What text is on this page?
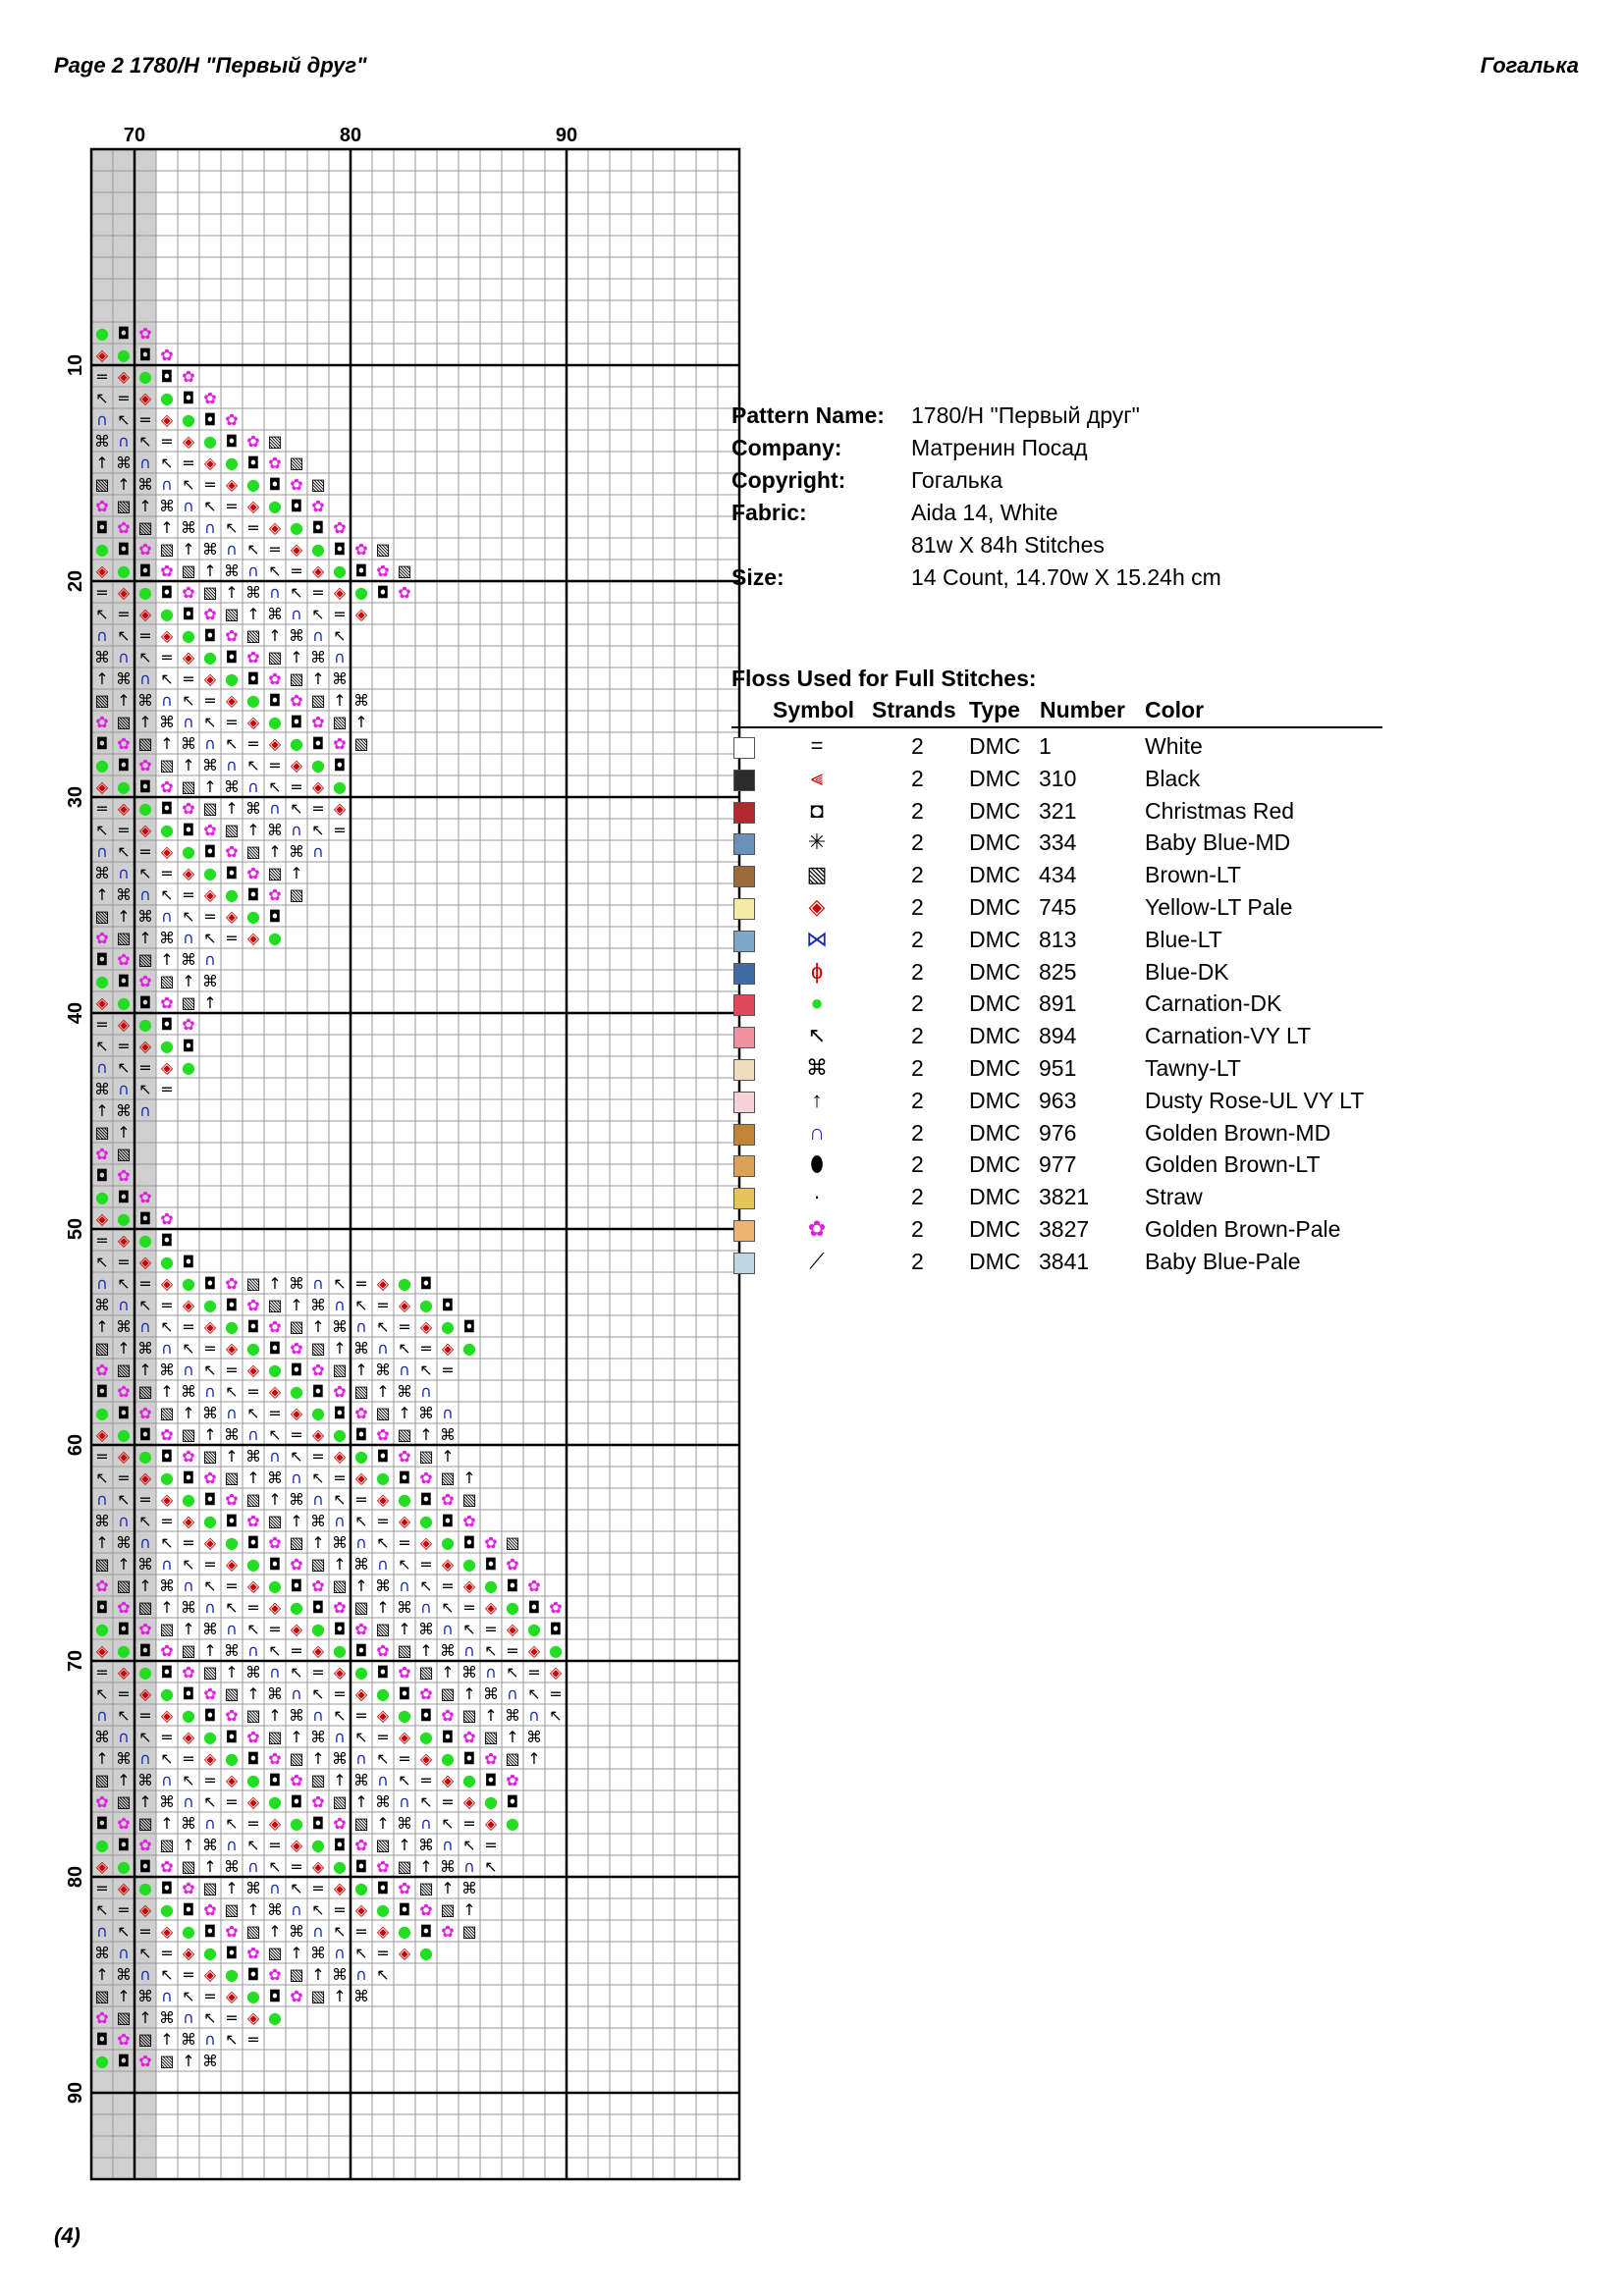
Page 2 1780/H "Первый друг"	Гогалька
70	80	90
10
20
30
40
50
60
70
80
90
● ◘ ✿
◈ ● ◘ ✿
= ◈ ● ◘ ✿
↖ = ◈ ● ◘ ✿
∩ ↖ = ◈ ● ◘ ✿
⌘ ∩ ↖ = ◈ ● ◘ ✿ ▧
↑ ⌘ ∩ ↖ = ◈ ● ◘ ✿ ▧
▧ ↑ ⌘ ∩ ↖ = ◈ ● ◘ ✿ ▧
✿ ▧ ↑ ⌘ ∩ ↖ = ◈ ● ◘ ✿
◘ ✿ ▧ ↑ ⌘ ∩ ↖ = ◈ ● ◘ ✿
● ◘ ✿ ▧ ↑ ⌘ ∩ ↖ = ◈ ● ◘ ✿ ▧
◈ ● ◘ ✿ ▧ ↑ ⌘ ∩ ↖ = ◈ ● ◘ ✿ ▧
= ◈ ● ◘ ✿ ▧ ↑ ⌘ ∩ ↖ = ◈ ● ◘ ✿
↖ = ◈ ● ◘ ✿ ▧ ↑ ⌘ ∩ ↖ = ◈
∩ ↖ = ◈ ● ◘ ✿ ▧ ↑ ⌘ ∩ ↖
⌘ ∩ ↖ = ◈ ● ◘ ✿ ▧ ↑ ⌘ ∩
↑ ⌘ ∩ ↖ = ◈ ● ◘ ✿ ▧ ↑ ⌘
▧ ↑ ⌘ ∩ ↖ = ◈ ● ◘ ✿ ▧ ↑ ⌘
✿ ▧ ↑ ⌘ ∩ ↖ = ◈ ● ◘ ✿ ▧ ↑
◘ ✿ ▧ ↑ ⌘ ∩ ↖ = ◈ ● ◘ ✿ ▧
● ◘ ✿ ▧ ↑ ⌘ ∩ ↖ = ◈ ● ◘
◈ ● ◘ ✿ ▧ ↑ ⌘ ∩ ↖ = ◈ ●
= ◈ ● ◘ ✿ ▧ ↑ ⌘ ∩ ↖ = ◈
↖ = ◈ ● ◘ ✿ ▧ ↑ ⌘ ∩ ↖ =
∩ ↖ = ◈ ● ◘ ✿ ▧ ↑ ⌘ ∩
⌘ ∩ ↖ = ◈ ● ◘ ✿ ▧ ↑
↑ ⌘ ∩ ↖ = ◈ ● ◘ ✿ ▧
▧ ↑ ⌘ ∩ ↖ = ◈ ● ◘
✿ ▧ ↑ ⌘ ∩ ↖ = ◈ ●
◘ ✿ ▧ ↑ ⌘ ∩
● ◘ ✿ ▧ ↑ ⌘
◈ ● ◘ ✿ ▧ ↑
= ◈ ● ◘ ✿
↖ = ◈ ● ◘
∩ ↖ = ◈ ●
⌘ ∩ ↖ =
↑ ⌘ ∩
▧ ↑
✿ ▧
◘ ✿
● ◘ ✿
◈ ● ◘ ✿
= ◈ ● ◘
↖ = ◈ ● ◘
∩ ↖ = ◈ ● ◘ ✿ ▧ ↑ ⌘ ∩ ↖ = ◈ ● ◘
⌘ ∩ ↖ = ◈ ● ◘ ✿ ▧ ↑ ⌘ ∩ ↖ = ◈ ● ◘
↑ ⌘ ∩ ↖ = ◈ ● ◘ ✿ ▧ ↑ ⌘ ∩ ↖ = ◈ ● ◘
▧ ↑ ⌘ ∩ ↖ = ◈ ● ◘ ✿ ▧ ↑ ⌘ ∩ ↖ = ◈ ●
✿ ▧ ↑ ⌘ ∩ ↖ = ◈ ● ◘ ✿ ▧ ↑ ⌘ ∩ ↖ =
◘ ✿ ▧ ↑ ⌘ ∩ ↖ = ◈ ● ◘ ✿ ▧ ↑ ⌘ ∩
● ◘ ✿ ▧ ↑ ⌘ ∩ ↖ = ◈ ● ◘ ✿ ▧ ↑ ⌘ ∩
◈ ● ◘ ✿ ▧ ↑ ⌘ ∩ ↖ = ◈ ● ◘ ✿ ▧ ↑ ⌘
= ◈ ● ◘ ✿ ▧ ↑ ⌘ ∩ ↖ = ◈ ● ◘ ✿ ▧ ↑
↖ = ◈ ● ◘ ✿ ▧ ↑ ⌘ ∩ ↖ = ◈ ● ◘ ✿ ▧ ↑
∩ ↖ = ◈ ● ◘ ✿ ▧ ↑ ⌘ ∩ ↖ = ◈ ● ◘ ✿ ▧
⌘ ∩ ↖ = ◈ ● ◘ ✿ ▧ ↑ ⌘ ∩ ↖ = ◈ ● ◘ ✿
↑ ⌘ ∩ ↖ = ◈ ● ◘ ✿ ▧ ↑ ⌘ ∩ ↖ = ◈ ● ◘ ✿ ▧
▧ ↑ ⌘ ∩ ↖ = ◈ ● ◘ ✿ ▧ ↑ ⌘ ∩ ↖ = ◈ ● ◘ ✿
✿ ▧ ↑ ⌘ ∩ ↖ = ◈ ● ◘ ✿ ▧ ↑ ⌘ ∩ ↖ = ◈ ● ◘ ✿
◘ ✿ ▧ ↑ ⌘ ∩ ↖ = ◈ ● ◘ ✿ ▧ ↑ ⌘ ∩ ↖ = ◈ ● ◘ ✿
● ◘ ✿ ▧ ↑ ⌘ ∩ ↖ = ◈ ● ◘ ✿ ▧ ↑ ⌘ ∩ ↖ = ◈ ● ◘
◈ ● ◘ ✿ ▧ ↑ ⌘ ∩ ↖ = ◈ ● ◘ ✿ ▧ ↑ ⌘ ∩ ↖ = ◈ ●
= ◈ ● ◘ ✿ ▧ ↑ ⌘ ∩ ↖ = ◈ ● ◘ ✿ ▧ ↑ ⌘ ∩ ↖ = ◈
↖ = ◈ ● ◘ ✿ ▧ ↑ ⌘ ∩ ↖ = ◈ ● ◘ ✿ ▧ ↑ ⌘ ∩ ↖ =
∩ ↖ = ◈ ● ◘ ✿ ▧ ↑ ⌘ ∩ ↖ = ◈ ● ◘ ✿ ▧ ↑ ⌘ ∩ ↖
⌘ ∩ ↖ = ◈ ● ◘ ✿ ▧ ↑ ⌘ ∩ ↖ = ◈ ● ◘ ✿ ▧ ↑ ⌘
↑ ⌘ ∩ ↖ = ◈ ● ◘ ✿ ▧ ↑ ⌘ ∩ ↖ = ◈ ● ◘ ✿ ▧ ↑
▧ ↑ ⌘ ∩ ↖ = ◈ ● ◘ ✿ ▧ ↑ ⌘ ∩ ↖ = ◈ ● ◘ ✿
✿ ▧ ↑ ⌘ ∩ ↖ = ◈ ● ◘ ✿ ▧ ↑ ⌘ ∩ ↖ = ◈ ● ◘
◘ ✿ ▧ ↑ ⌘ ∩ ↖ = ◈ ● ◘ ✿ ▧ ↑ ⌘ ∩ ↖ = ◈ ●
● ◘ ✿ ▧ ↑ ⌘ ∩ ↖ = ◈ ● ◘ ✿ ▧ ↑ ⌘ ∩ ↖ =
◈ ● ◘ ✿ ▧ ↑ ⌘ ∩ ↖ = ◈ ● ◘ ✿ ▧ ↑ ⌘ ∩ ↖
= ◈ ● ◘ ✿ ▧ ↑ ⌘ ∩ ↖ = ◈ ● ◘ ✿ ▧ ↑ ⌘
↖ = ◈ ● ◘ ✿ ▧ ↑ ⌘ ∩ ↖ = ◈ ● ◘ ✿ ▧ ↑
∩ ↖ = ◈ ● ◘ ✿ ▧ ↑ ⌘ ∩ ↖ = ◈ ● ◘ ✿ ▧
⌘ ∩ ↖ = ◈ ● ◘ ✿ ▧ ↑ ⌘ ∩ ↖ = ◈ ●
↑ ⌘ ∩ ↖ = ◈ ● ◘ ✿ ▧ ↑ ⌘ ∩ ↖
▧ ↑ ⌘ ∩ ↖ = ◈ ● ◘ ✿ ▧ ↑ ⌘
✿ ▧ ↑ ⌘ ∩ ↖ = ◈ ●
◘ ✿ ▧ ↑ ⌘ ∩ ↖ =
● ◘ ✿ ▧ ↑ ⌘
Pattern Name: 1780/H "Первый друг"
Company:	Матренин Посад
Copyright:	Гогалька
Fabric:	Aida 14, White
81w X 84h Stitches
Size:	14 Count, 14.70w X 15.24h cm
Floss Used for Full Stitches:
Symbol Strands Type Number Color
=	2 DMC 1	White
⫷	2 DMC 310	Black
◘	2 DMC 321	Christmas Red
✳	2 DMC 334	Baby Blue-MD
▧	2 DMC 434	Brown-LT
◈	2 DMC 745	Yellow-LT Pale
⋈	2 DMC 813	Blue-LT
ɸ	2 DMC 825	Blue-DK
●	2 DMC 891	Carnation-DK
↖	2 DMC 894	Carnation-VY LT
⌘	2 DMC 951	Tawny-LT
↑	2 DMC 963	Dusty Rose-UL VY LT
∩	2 DMC 976	Golden Brown-MD
⬮	2 DMC 977	Golden Brown-LT
·	2 DMC 3821 Straw
✿	2 DMC 3827 Golden Brown-Pale
⟋	2 DMC 3841 Baby Blue-Pale
(4)
